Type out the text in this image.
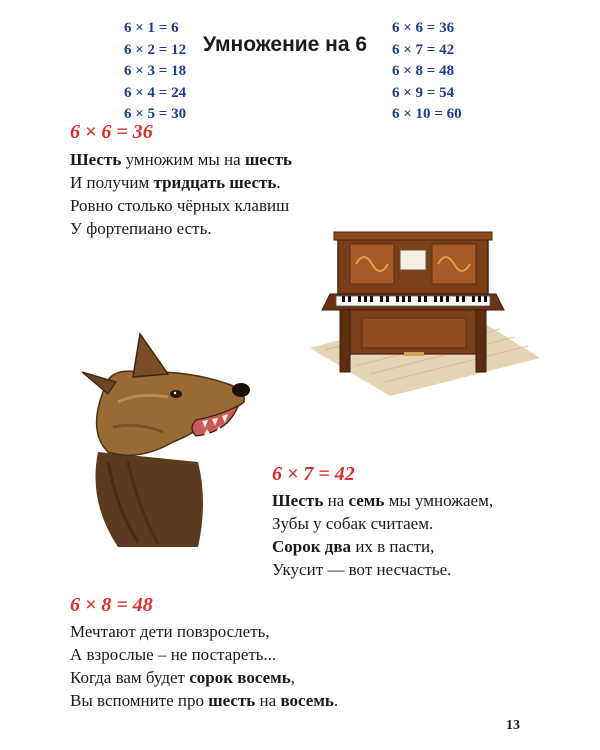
6 × 1 = 6
6 × 2 = 12
6 × 3 = 18
6 × 4 = 24
6 × 5 = 30
Умножение на 6
6 × 6 = 36
6 × 7 = 42
6 × 8 = 48
6 × 9 = 54
6 × 10 = 60
6 × 6 = 36
Шесть умножим мы на шесть
И получим тридцать шесть.
Ровно столько чёрных клавиш
У фортепиано есть.
6 × 7 = 42
Шесть на семь мы умножаем,
Зубы у собак считаем.
Сорок два их в пасти,
Укусит — вот несчастье.
6 × 8 = 48
Мечтают дети повзрослеть,
А взрослые – не постареть...
Когда вам будет сорок восемь,
Вы вспомните про шесть на восемь.
13
